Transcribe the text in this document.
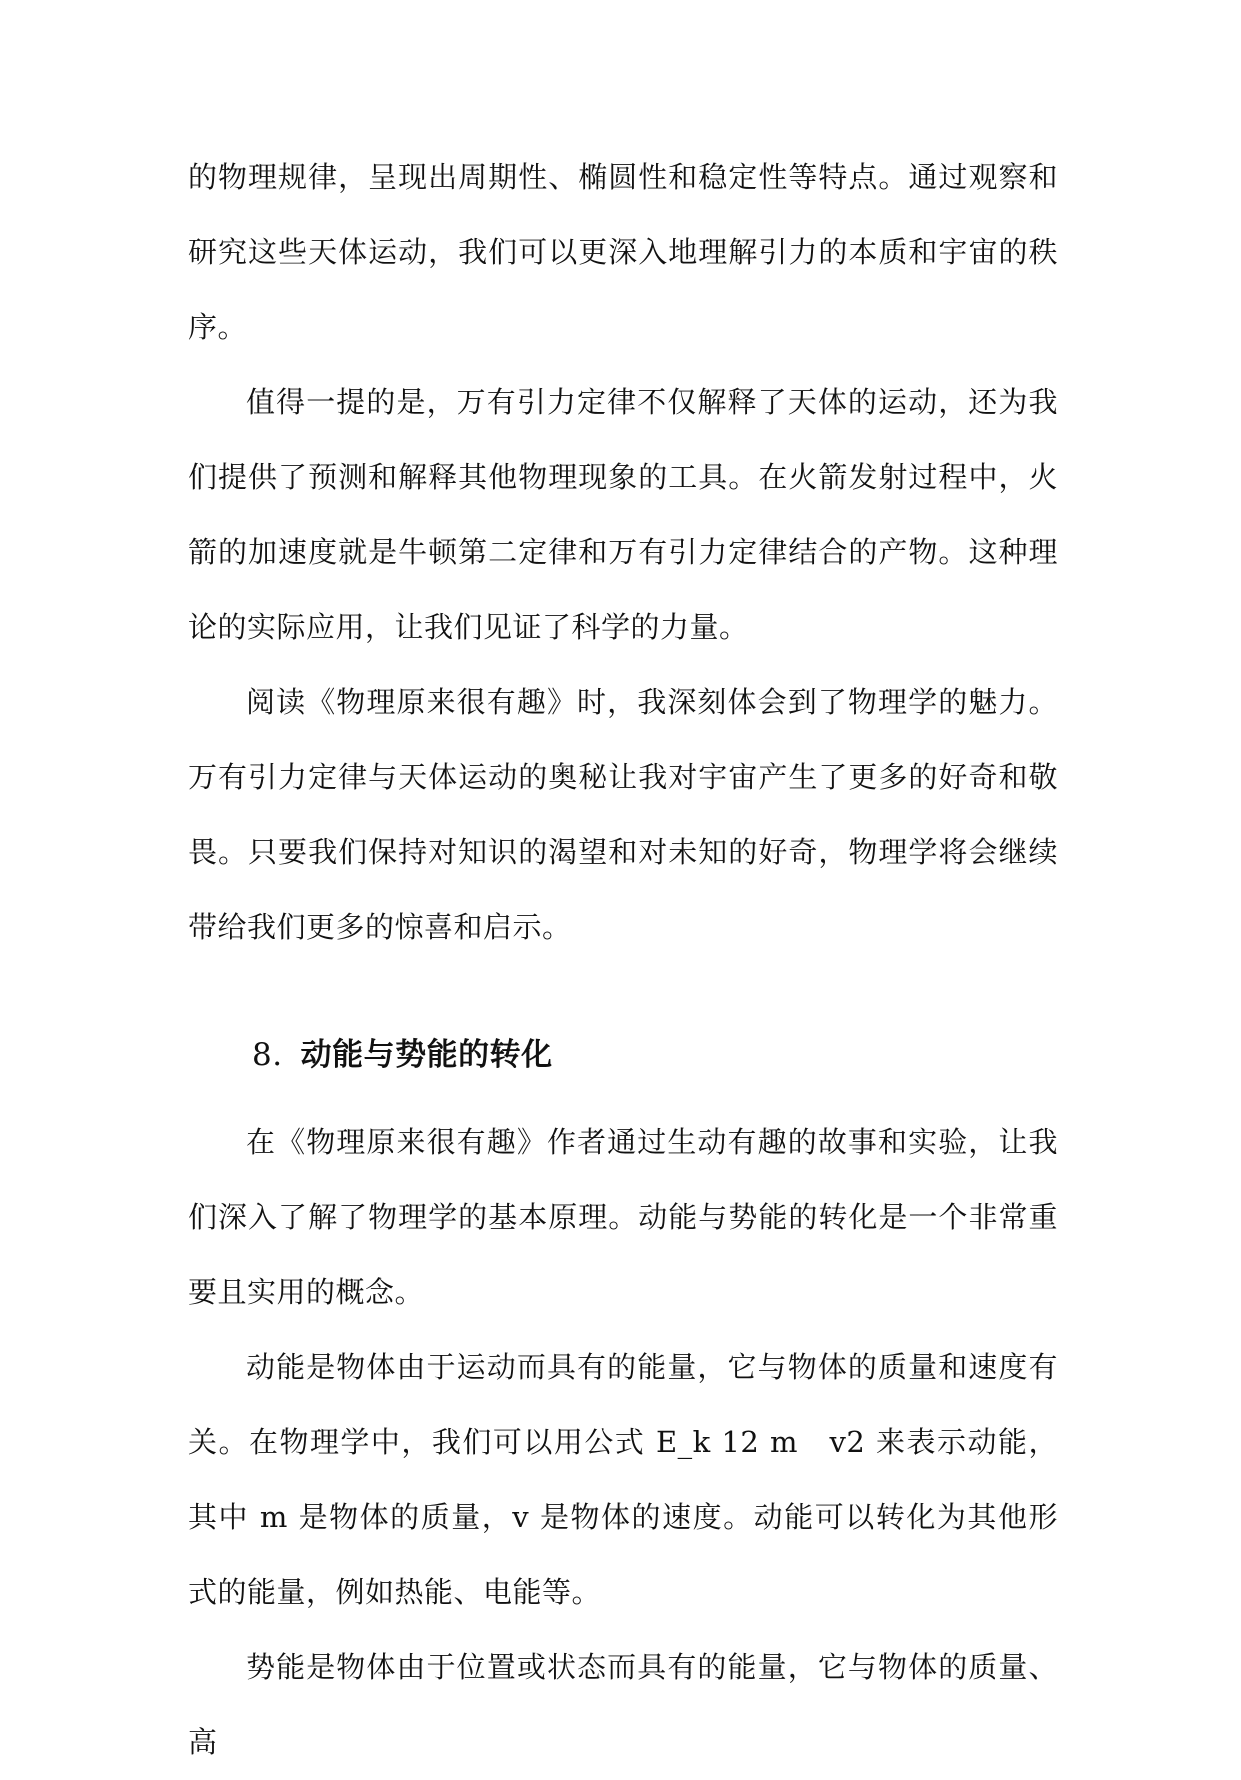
的物理规律，呈现出周期性、椭圆性和稳定性等特点。通过观察和研究这些天体运动，我们可以更深入地理解引力的本质和宇宙的秩序。

值得一提的是，万有引力定律不仅解释了天体的运动，还为我们提供了预测和解释其他物理现象的工具。在火箭发射过程中，火箭的加速度就是牛顿第二定律和万有引力定律结合的产物。这种理论的实际应用，让我们见证了科学的力量。

阅读《物理原来很有趣》时，我深刻体会到了物理学的魅力。万有引力定律与天体运动的奥秘让我对宇宙产生了更多的好奇和敬畏。只要我们保持对知识的渴望和对未知的好奇，物理学将会继续带给我们更多的惊喜和启示。

8. 动能与势能的转化

在《物理原来很有趣》作者通过生动有趣的故事和实验，让我们深入了解了物理学的基本原理。动能与势能的转化是一个非常重要且实用的概念。

动能是物体由于运动而具有的能量，它与物体的质量和速度有关。在物理学中，我们可以用公式 E_k 12 m　v2 来表示动能，其中 m 是物体的质量，v 是物体的速度。动能可以转化为其他形式的能量，例如热能、电能等。

势能是物体由于位置或状态而具有的能量，它与物体的质量、高
